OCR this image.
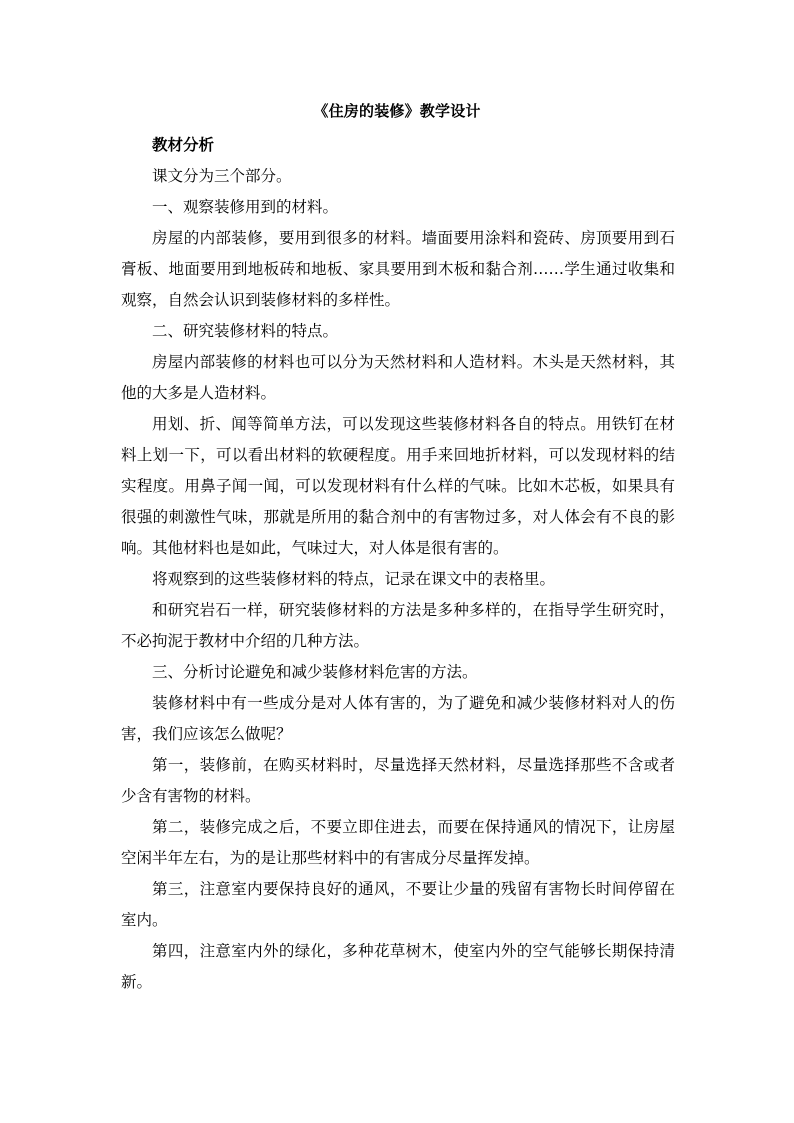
《住房的装修》教学设计

教材分析

课文分为三个部分。

一、观察装修用到的材料。

房屋的内部装修，要用到很多的材料。墙面要用涂料和瓷砖、房顶要用到石膏板、地面要用到地板砖和地板、家具要用到木板和黏合剂……学生通过收集和观察，自然会认识到装修材料的多样性。

二、研究装修材料的特点。

房屋内部装修的材料也可以分为天然材料和人造材料。木头是天然材料，其他的大多是人造材料。

用划、折、闻等简单方法，可以发现这些装修材料各自的特点。用铁钉在材料上划一下，可以看出材料的软硬程度。用手来回地折材料，可以发现材料的结实程度。用鼻子闻一闻，可以发现材料有什么样的气味。比如木芯板，如果具有很强的刺激性气味，那就是所用的黏合剂中的有害物过多，对人体会有不良的影响。其他材料也是如此，气味过大，对人体是很有害的。

将观察到的这些装修材料的特点，记录在课文中的表格里。

和研究岩石一样，研究装修材料的方法是多种多样的，在指导学生研究时，不必拘泥于教材中介绍的几种方法。

三、分析讨论避免和减少装修材料危害的方法。

装修材料中有一些成分是对人体有害的，为了避免和减少装修材料对人的伤害，我们应该怎么做呢？

第一，装修前，在购买材料时，尽量选择天然材料，尽量选择那些不含或者少含有害物的材料。

第二，装修完成之后，不要立即住进去，而要在保持通风的情况下，让房屋空闲半年左右，为的是让那些材料中的有害成分尽量挥发掉。

第三，注意室内要保持良好的通风，不要让少量的残留有害物长时间停留在室内。

第四，注意室内外的绿化，多种花草树木，使室内外的空气能够长期保持清新。
